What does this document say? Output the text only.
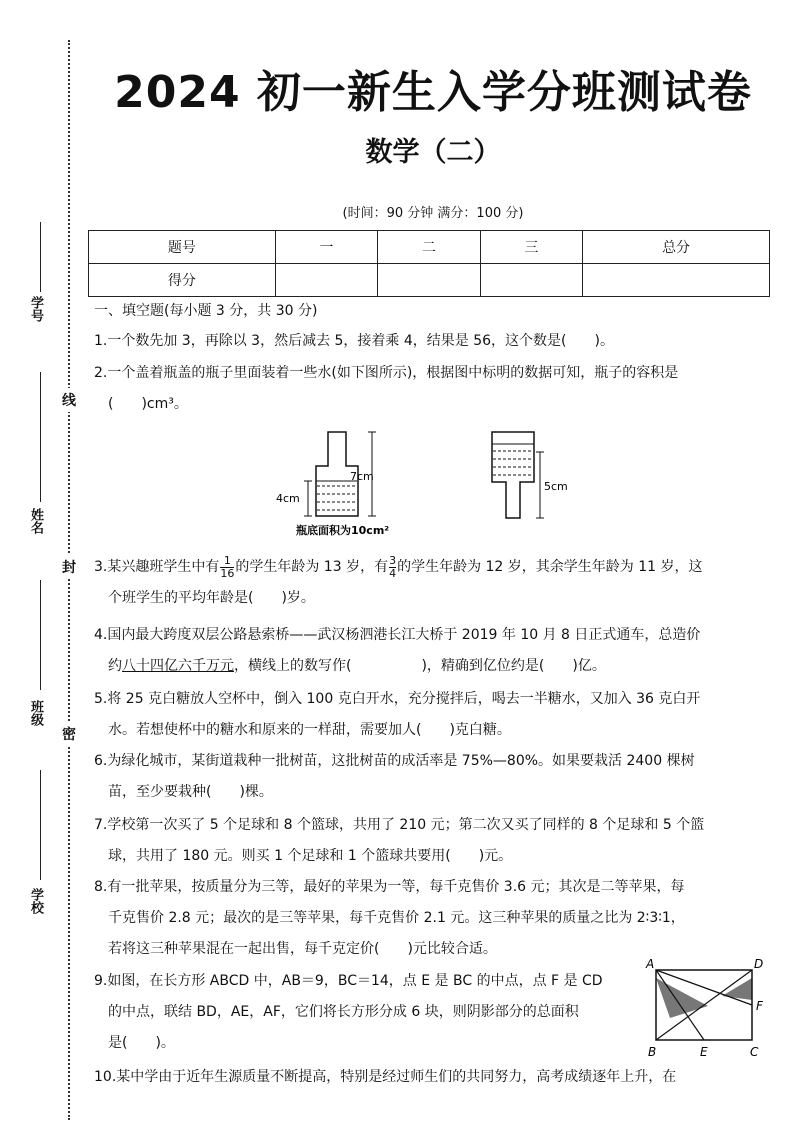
学号
姓名
班级
学校
线
封
密
2024 初一新生入学分班测试卷
数学（二）
(时间：90 分钟 满分：100 分)
题号	一	二	三	总分
得分				
一、填空题(每小题 3 分，共 30 分)
1.一个数先加 3，再除以 3，然后减去 5，接着乘 4，结果是 56，这个数是(　　)。
2.一个盖着瓶盖的瓶子里面装着一些水(如下图所示)，根据图中标明的数据可知，瓶子的容积是
(　　)cm³。
7cm
4cm
瓶底面积为10cm²
5cm
3.某兴趣班学生中有 $\frac{1}{16}$ 的学生年龄为 13 岁，有 $\frac{3}{4}$ 的学生年龄为 12 岁，其余学生年龄为 11 岁，这
个班学生的平均年龄是(　　)岁。
4.国内最大跨度双层公路悬索桥——武汉杨泗港长江大桥于 2019 年 10 月 8 日正式通车，总造价
约八十四亿六千万元，横线上的数写作(　　　　　)，精确到亿位约是(　　)亿。
5.将 25 克白糖放人空杯中，倒入 100 克白开水，充分搅拌后，喝去一半糖水，又加入 36 克白开
水。若想使杯中的糖水和原来的一样甜，需要加人(　　)克白糖。
6.为绿化城市，某街道栽种一批树苗，这批树苗的成活率是 75%—80%。如果要栽活 2400 棵树
苗，至少要栽种(　　)棵。
7.学校第一次买了 5 个足球和 8 个篮球，共用了 210 元；第二次又买了同样的 8 个足球和 5 个篮
球，共用了 180 元。则买 1 个足球和 1 个篮球共要用(　　)元。
8.有一批苹果，按质量分为三等，最好的苹果为一等，每千克售价 3.6 元；其次是二等苹果，每
千克售价 2.8 元；最次的是三等苹果，每千克售价 2.1 元。这三种苹果的质量之比为 2∶3∶1，
若将这三种苹果混在一起出售，每千克定价(　　)元比较合适。
9.如图，在长方形 ABCD 中，AB＝9，BC＝14，点 E 是 BC 的中点，点 F 是 CD
的中点，联结 BD，AE，AF，它们将长方形分成 6 块，则阴影部分的总面积
是(　　)。
A	D
F
B	E	C
10.某中学由于近年生源质量不断提高，特别是经过师生们的共同努力，高考成绩逐年上升，在
